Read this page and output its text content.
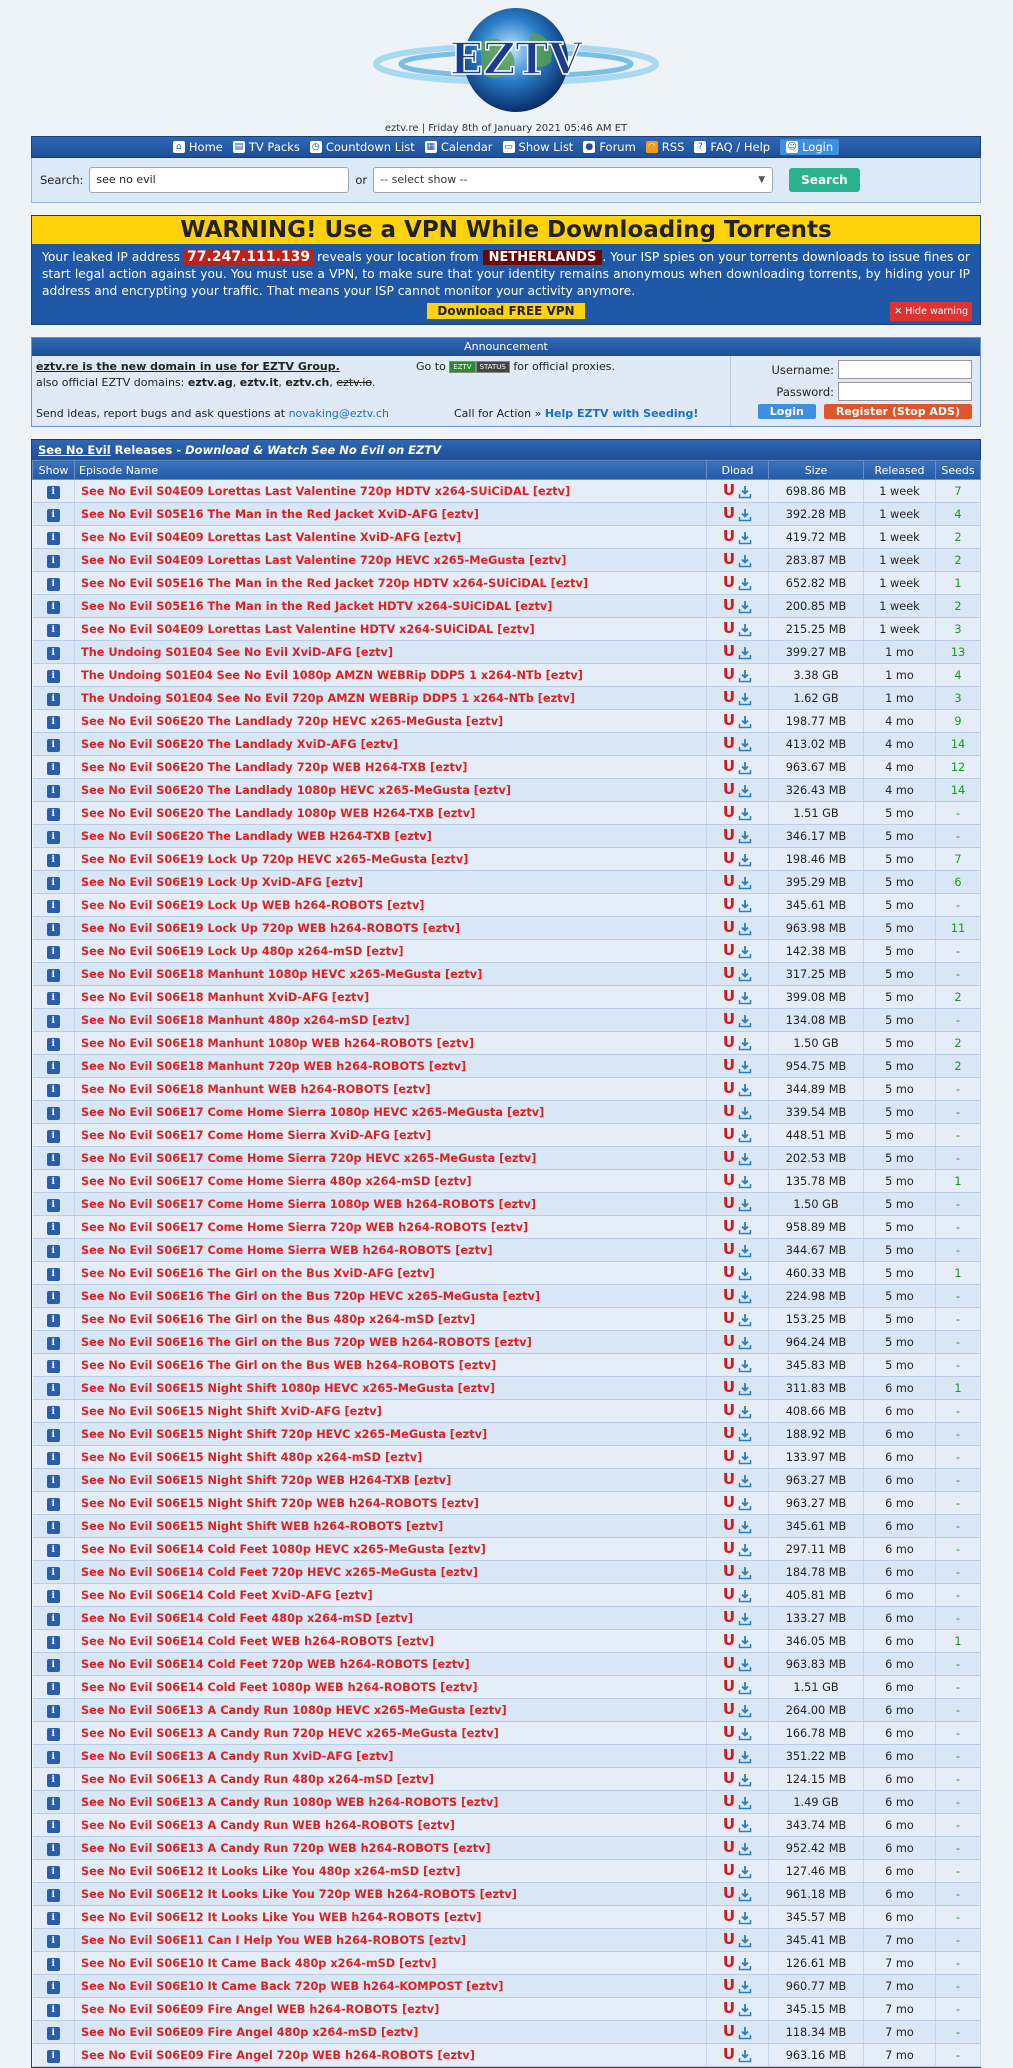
EZTV
eztv.re | Friday 8th of January 2021 05:46 AM ET
⌂ Home ▤ TV Packs ◷ Countdown List ▦ Calendar ▭ Show List ● Forum ◠ RSS	? FAQ / Help ☺ Login
Search:	see no evil	or	-- select show --	▼	Search
WARNING! Use a VPN While Downloading Torrents
Your leaked IP address 77.247.111.139 reveals your location from NETHERLANDS . Your ISP spies on your torrents downloads to issue fines or start legal action against you. You must use a VPN, to make sure that your identity remains anonymous when downloading torrents, by hiding your IP address and encrypting your traffic. That means your ISP cannot monitor your activity anymore.
Download FREE VPN	✕ Hide warning
Announcement
eztv.re is the new domain in use for EZTV Group.	Go to EZTV STATUS for official proxies.
also official EZTV domains: eztv.ag, eztv.it, eztv.ch, eztv.io.
Send ideas, report bugs and ask questions at novaking@eztv.ch	Call for Action » Help EZTV with Seeding!
Username:
Password:
Login	Register (Stop ADS)
See No Evil Releases - Download & Watch See No Evil on EZTV
Show	Episode Name	Dload	Size	Released	Seeds
i	See No Evil S04E09 Lorettas Last Valentine 720p HDTV x264-SUiCiDAL [eztv]	U	698.86 MB	1 week	7
i	See No Evil S05E16 The Man in the Red Jacket XviD-AFG [eztv]	U	392.28 MB	1 week	4
i	See No Evil S04E09 Lorettas Last Valentine XviD-AFG [eztv]	U	419.72 MB	1 week	2
i	See No Evil S04E09 Lorettas Last Valentine 720p HEVC x265-MeGusta [eztv]	U	283.87 MB	1 week	2
i	See No Evil S05E16 The Man in the Red Jacket 720p HDTV x264-SUiCiDAL [eztv]	U	652.82 MB	1 week	1
i	See No Evil S05E16 The Man in the Red Jacket HDTV x264-SUiCiDAL [eztv]	U	200.85 MB	1 week	2
i	See No Evil S04E09 Lorettas Last Valentine HDTV x264-SUiCiDAL [eztv]	U	215.25 MB	1 week	3
i	The Undoing S01E04 See No Evil XviD-AFG [eztv]	U	399.27 MB	1 mo	13
i	The Undoing S01E04 See No Evil 1080p AMZN WEBRip DDP5 1 x264-NTb [eztv]	U	3.38 GB	1 mo	4
i	The Undoing S01E04 See No Evil 720p AMZN WEBRip DDP5 1 x264-NTb [eztv]	U	1.62 GB	1 mo	3
i	See No Evil S06E20 The Landlady 720p HEVC x265-MeGusta [eztv]	U	198.77 MB	4 mo	9
i	See No Evil S06E20 The Landlady XviD-AFG [eztv]	U	413.02 MB	4 mo	14
i	See No Evil S06E20 The Landlady 720p WEB H264-TXB [eztv]	U	963.67 MB	4 mo	12
i	See No Evil S06E20 The Landlady 1080p HEVC x265-MeGusta [eztv]	U	326.43 MB	4 mo	14
i	See No Evil S06E20 The Landlady 1080p WEB H264-TXB [eztv]	U	1.51 GB	5 mo	-
i	See No Evil S06E20 The Landlady WEB H264-TXB [eztv]	U	346.17 MB	5 mo	-
i	See No Evil S06E19 Lock Up 720p HEVC x265-MeGusta [eztv]	U	198.46 MB	5 mo	7
i	See No Evil S06E19 Lock Up XviD-AFG [eztv]	U	395.29 MB	5 mo	6
i	See No Evil S06E19 Lock Up WEB h264-ROBOTS [eztv]	U	345.61 MB	5 mo	-
i	See No Evil S06E19 Lock Up 720p WEB h264-ROBOTS [eztv]	U	963.98 MB	5 mo	11
i	See No Evil S06E19 Lock Up 480p x264-mSD [eztv]	U	142.38 MB	5 mo	-
i	See No Evil S06E18 Manhunt 1080p HEVC x265-MeGusta [eztv]	U	317.25 MB	5 mo	-
i	See No Evil S06E18 Manhunt XviD-AFG [eztv]	U	399.08 MB	5 mo	2
i	See No Evil S06E18 Manhunt 480p x264-mSD [eztv]	U	134.08 MB	5 mo	-
i	See No Evil S06E18 Manhunt 1080p WEB h264-ROBOTS [eztv]	U	1.50 GB	5 mo	2
i	See No Evil S06E18 Manhunt 720p WEB h264-ROBOTS [eztv]	U	954.75 MB	5 mo	2
i	See No Evil S06E18 Manhunt WEB h264-ROBOTS [eztv]	U	344.89 MB	5 mo	-
i	See No Evil S06E17 Come Home Sierra 1080p HEVC x265-MeGusta [eztv]	U	339.54 MB	5 mo	-
i	See No Evil S06E17 Come Home Sierra XviD-AFG [eztv]	U	448.51 MB	5 mo	-
i	See No Evil S06E17 Come Home Sierra 720p HEVC x265-MeGusta [eztv]	U	202.53 MB	5 mo	-
i	See No Evil S06E17 Come Home Sierra 480p x264-mSD [eztv]	U	135.78 MB	5 mo	1
i	See No Evil S06E17 Come Home Sierra 1080p WEB h264-ROBOTS [eztv]	U	1.50 GB	5 mo	-
i	See No Evil S06E17 Come Home Sierra 720p WEB h264-ROBOTS [eztv]	U	958.89 MB	5 mo	-
i	See No Evil S06E17 Come Home Sierra WEB h264-ROBOTS [eztv]	U	344.67 MB	5 mo	-
i	See No Evil S06E16 The Girl on the Bus XviD-AFG [eztv]	U	460.33 MB	5 mo	1
i	See No Evil S06E16 The Girl on the Bus 720p HEVC x265-MeGusta [eztv]	U	224.98 MB	5 mo	-
i	See No Evil S06E16 The Girl on the Bus 480p x264-mSD [eztv]	U	153.25 MB	5 mo	-
i	See No Evil S06E16 The Girl on the Bus 720p WEB h264-ROBOTS [eztv]	U	964.24 MB	5 mo	-
i	See No Evil S06E16 The Girl on the Bus WEB h264-ROBOTS [eztv]	U	345.83 MB	5 mo	-
i	See No Evil S06E15 Night Shift 1080p HEVC x265-MeGusta [eztv]	U	311.83 MB	6 mo	1
i	See No Evil S06E15 Night Shift XviD-AFG [eztv]	U	408.66 MB	6 mo	-
i	See No Evil S06E15 Night Shift 720p HEVC x265-MeGusta [eztv]	U	188.92 MB	6 mo	-
i	See No Evil S06E15 Night Shift 480p x264-mSD [eztv]	U	133.97 MB	6 mo	-
i	See No Evil S06E15 Night Shift 720p WEB H264-TXB [eztv]	U	963.27 MB	6 mo	-
i	See No Evil S06E15 Night Shift 720p WEB h264-ROBOTS [eztv]	U	963.27 MB	6 mo	-
i	See No Evil S06E15 Night Shift WEB h264-ROBOTS [eztv]	U	345.61 MB	6 mo	-
i	See No Evil S06E14 Cold Feet 1080p HEVC x265-MeGusta [eztv]	U	297.11 MB	6 mo	-
i	See No Evil S06E14 Cold Feet 720p HEVC x265-MeGusta [eztv]	U	184.78 MB	6 mo	-
i	See No Evil S06E14 Cold Feet XviD-AFG [eztv]	U	405.81 MB	6 mo	-
i	See No Evil S06E14 Cold Feet 480p x264-mSD [eztv]	U	133.27 MB	6 mo	-
i	See No Evil S06E14 Cold Feet WEB h264-ROBOTS [eztv]	U	346.05 MB	6 mo	1
i	See No Evil S06E14 Cold Feet 720p WEB h264-ROBOTS [eztv]	U	963.83 MB	6 mo	-
i	See No Evil S06E14 Cold Feet 1080p WEB h264-ROBOTS [eztv]	U	1.51 GB	6 mo	-
i	See No Evil S06E13 A Candy Run 1080p HEVC x265-MeGusta [eztv]	U	264.00 MB	6 mo	-
i	See No Evil S06E13 A Candy Run 720p HEVC x265-MeGusta [eztv]	U	166.78 MB	6 mo	-
i	See No Evil S06E13 A Candy Run XviD-AFG [eztv]	U	351.22 MB	6 mo	-
i	See No Evil S06E13 A Candy Run 480p x264-mSD [eztv]	U	124.15 MB	6 mo	-
i	See No Evil S06E13 A Candy Run 1080p WEB h264-ROBOTS [eztv]	U	1.49 GB	6 mo	-
i	See No Evil S06E13 A Candy Run WEB h264-ROBOTS [eztv]	U	343.74 MB	6 mo	-
i	See No Evil S06E13 A Candy Run 720p WEB h264-ROBOTS [eztv]	U	952.42 MB	6 mo	-
i	See No Evil S06E12 It Looks Like You 480p x264-mSD [eztv]	U	127.46 MB	6 mo	-
i	See No Evil S06E12 It Looks Like You 720p WEB h264-ROBOTS [eztv]	U	961.18 MB	6 mo	-
i	See No Evil S06E12 It Looks Like You WEB h264-ROBOTS [eztv]	U	345.57 MB	6 mo	-
i	See No Evil S06E11 Can I Help You WEB h264-ROBOTS [eztv]	U	345.41 MB	7 mo	-
i	See No Evil S06E10 It Came Back 480p x264-mSD [eztv]	U	126.61 MB	7 mo	-
i	See No Evil S06E10 It Came Back 720p WEB h264-KOMPOST [eztv]	U	960.77 MB	7 mo	-
i	See No Evil S06E09 Fire Angel WEB h264-ROBOTS [eztv]	U	345.15 MB	7 mo	-
i	See No Evil S06E09 Fire Angel 480p x264-mSD [eztv]	U	118.34 MB	7 mo	-
i	See No Evil S06E09 Fire Angel 720p WEB h264-ROBOTS [eztv]	U	963.16 MB	7 mo	-
